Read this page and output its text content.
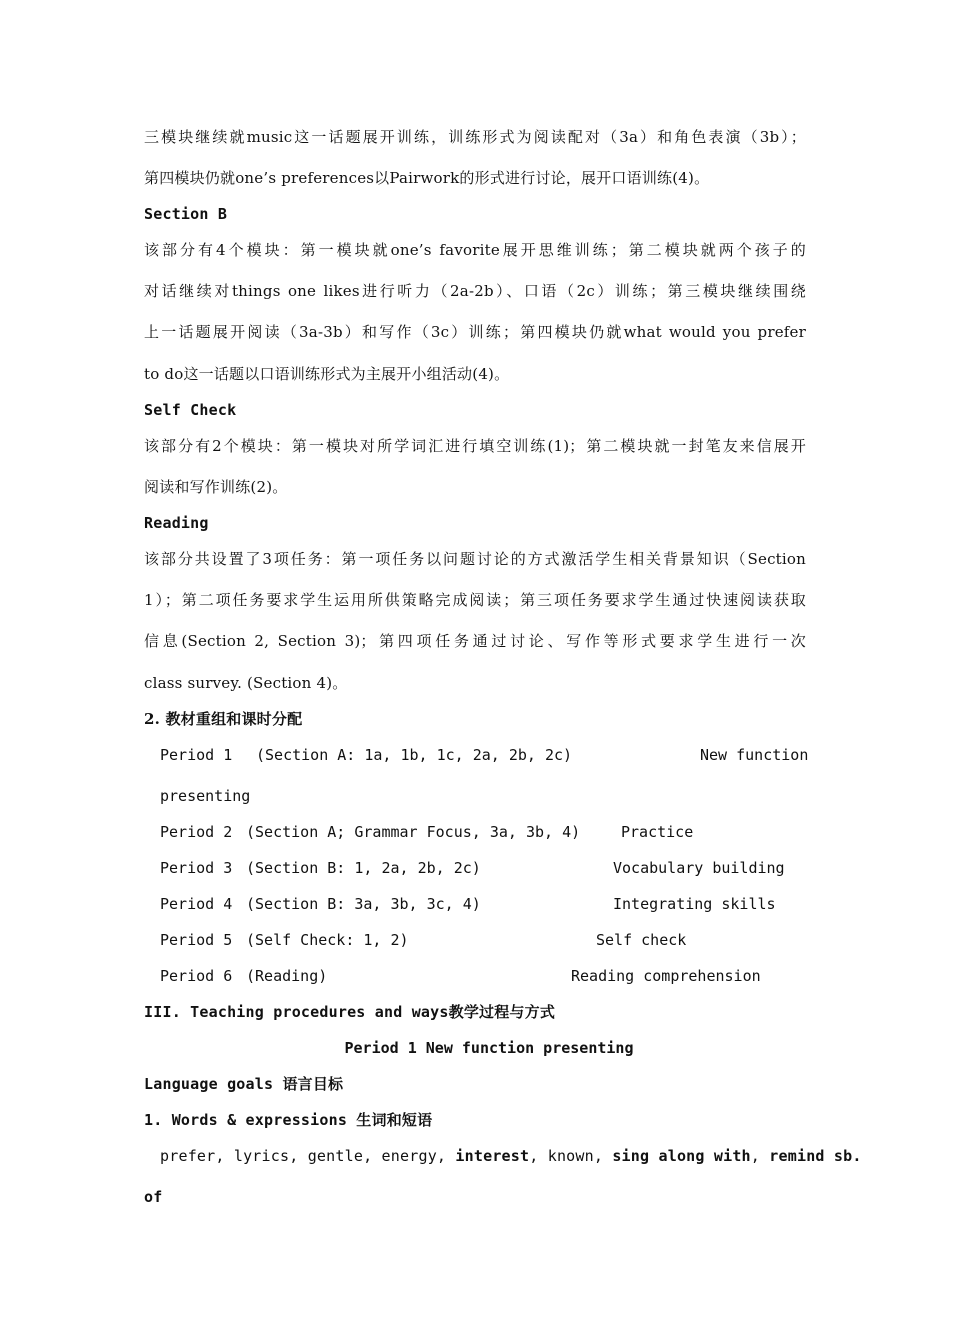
三模块继续就music这一话题展开训练，训练形式为阅读配对（3a）和角色表演（3b）；
第四模块仍就one’s preferences以Pairwork的形式进行讨论，展开口语训练(4)。
Section B
该部分有4个模块：第一模块就one’s favorite展开思维训练；第二模块就两个孩子的
对话继续对things one likes进行听力（2a-2b）、口语（2c）训练；第三模块继续围绕
上一话题展开阅读（3a-3b）和写作（3c）训练；第四模块仍就what would you prefer
to do这一话题以口语训练形式为主展开小组活动(4)。
Self Check
该部分有2个模块：第一模块对所学词汇进行填空训练(1)；第二模块就一封笔友来信展开
阅读和写作训练(2)。
Reading
该部分共设置了3项任务：第一项任务以问题讨论的方式激活学生相关背景知识（Section
1）；第二项任务要求学生运用所供策略完成阅读；第三项任务要求学生通过快速阅读获取
信息(Section 2, Section 3)；第四项任务通过讨论、写作等形式要求学生进行一次
class survey. (Section 4)。
2. 教材重组和课时分配
Period 1 (Section A: 1a, 1b, 1c, 2a, 2b, 2c)	New function
presenting
Period 2 (Section A; Grammar Focus, 3a, 3b, 4)	Practice
Period 3 (Section B: 1, 2a, 2b, 2c)	Vocabulary building
Period 4 (Section B: 3a, 3b, 3c, 4)	Integrating skills
Period 5 (Self Check: 1, 2)	Self check
Period 6 (Reading)	Reading comprehension
III. Teaching procedures and ways教学过程与方式
Period 1 New function presenting
Language goals 语言目标
1. Words & expressions 生词和短语
prefer, lyrics, gentle, energy, interest, known, sing along with, remind sb.
of
